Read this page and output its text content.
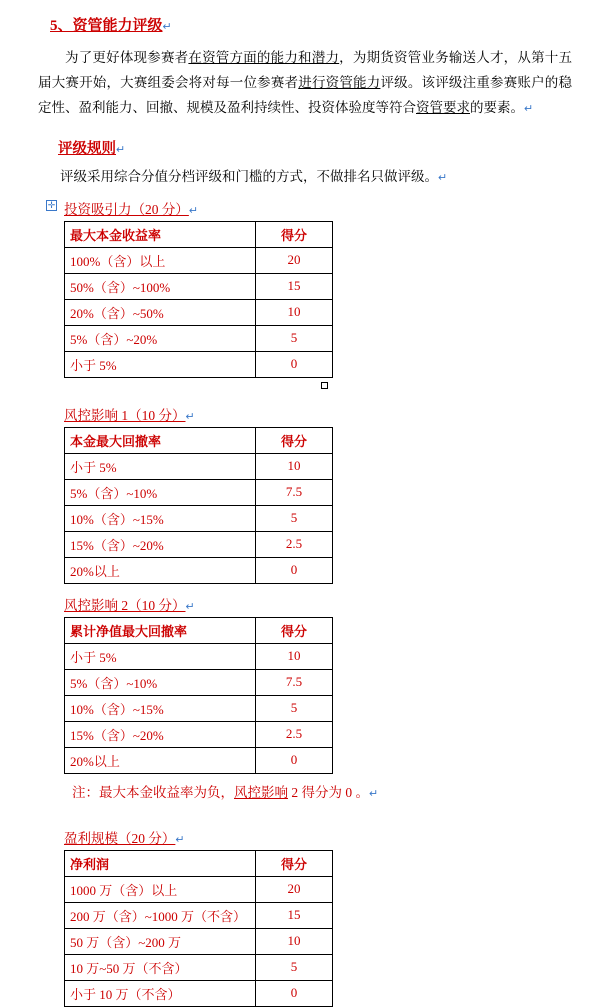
5、资管能力评级↵
为了更好体现参赛者在资管方面的能力和潜力，为期货资管业务输送人才，从第十五届大赛开始，大赛组委会将对每一位参赛者进行资管能力评级。该评级注重参赛账户的稳定性、盈利能力、回撤、规模及盈利持续性、投资体验度等符合资管要求的要素。↵
评级规则↵
评级采用综合分值分档评级和门槛的方式，不做排名只做评级。↵
✛ 投资吸引力（20 分）↵
最大本金收益率	得分
100%（含）以上	20
50%（含）~100%	15
20%（含）~50%	10
5%（含）~20%	5
小于 5%	0
风控影响 1（10 分）↵
本金最大回撤率	得分
小于 5%	10
5%（含）~10%	7.5
10%（含）~15%	5
15%（含）~20%	2.5
20%以上	0
风控影响 2（10 分）↵
累计净值最大回撤率	得分
小于 5%	10
5%（含）~10%	7.5
10%（含）~15%	5
15%（含）~20%	2.5
20%以上	0
注：最大本金收益率为负，风控影响 2 得分为 0 。↵
盈利规模（20 分）↵
净利润	得分
1000 万（含）以上	20
200 万（含）~1000 万（不含）	15
50 万（含）~200 万	10
10 万~50 万（不含）	5
小于 10 万（不含）	0
